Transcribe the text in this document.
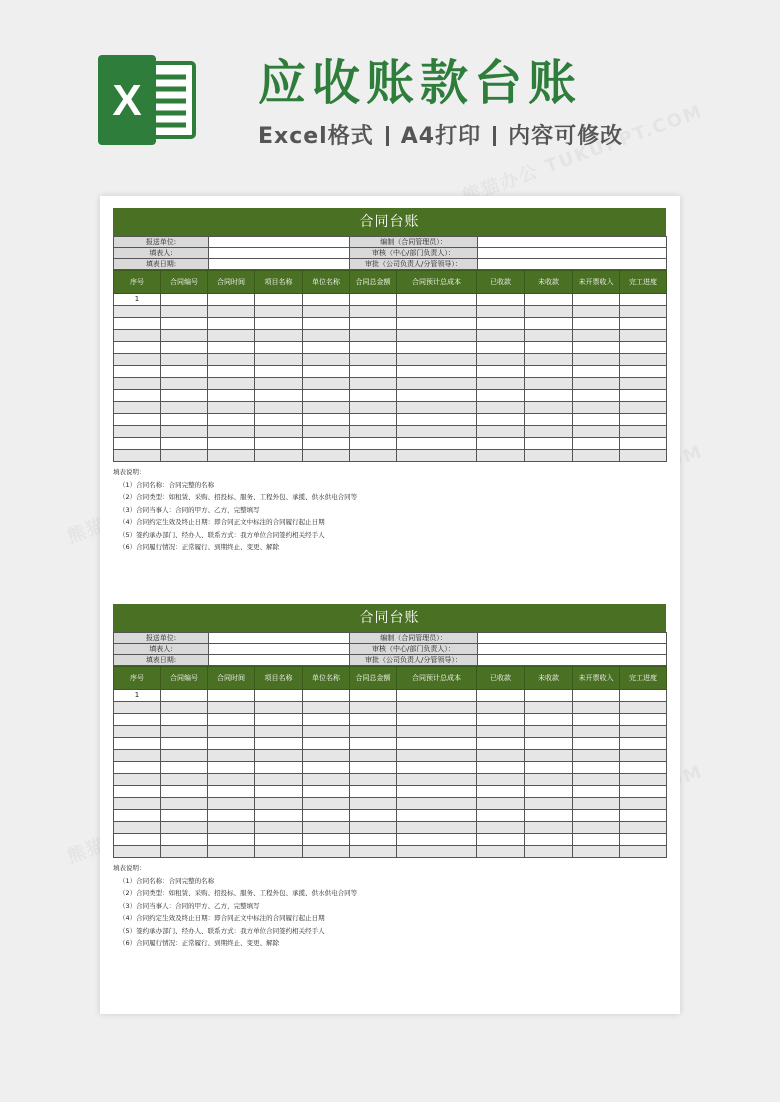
X 应收账款台账
Excel格式 A4打印 内容可修改
合同台账
报送单位:		编制（合同管理员）：	
填表人:		审核（中心/部门负责人）：	
填表日期:		审批（公司负责人/分管领导）：	
序号	合同编号	合同时间	项目名称	单位名称	合同总金额	合同预计总成本	已收款	未收款	未开票收入	完工进度
1										

填表说明：
（1）合同名称：合同完整的名称
（2）合同类型：如租赁、采购、招投标、服务、工程外包、承揽、供水供电合同等
（3）合同当事人：合同的甲方、乙方，完整填写
（4）合同约定生效及终止日期：即合同正文中标注的合同履行起止日期
（5）签约承办部门、经办人、联系方式：我方单位合同签约相关经手人
（6）合同履行情况：正常履行、到期终止、变更、解除
合同台账
报送单位:		编制（合同管理员）：	
填表人:		审核（中心/部门负责人）：	
填表日期:		审批（公司负责人/分管领导）：	
序号	合同编号	合同时间	项目名称	单位名称	合同总金额	合同预计总成本	已收款	未收款	未开票收入	完工进度
1										

填表说明：
（1）合同名称：合同完整的名称
（2）合同类型：如租赁、采购、招投标、服务、工程外包、承揽、供水供电合同等
（3）合同当事人：合同的甲方、乙方，完整填写
（4）合同约定生效及终止日期：即合同正文中标注的合同履行起止日期
（5）签约承办部门、经办人、联系方式：我方单位合同签约相关经手人
（6）合同履行情况：正常履行、到期终止、变更、解除
